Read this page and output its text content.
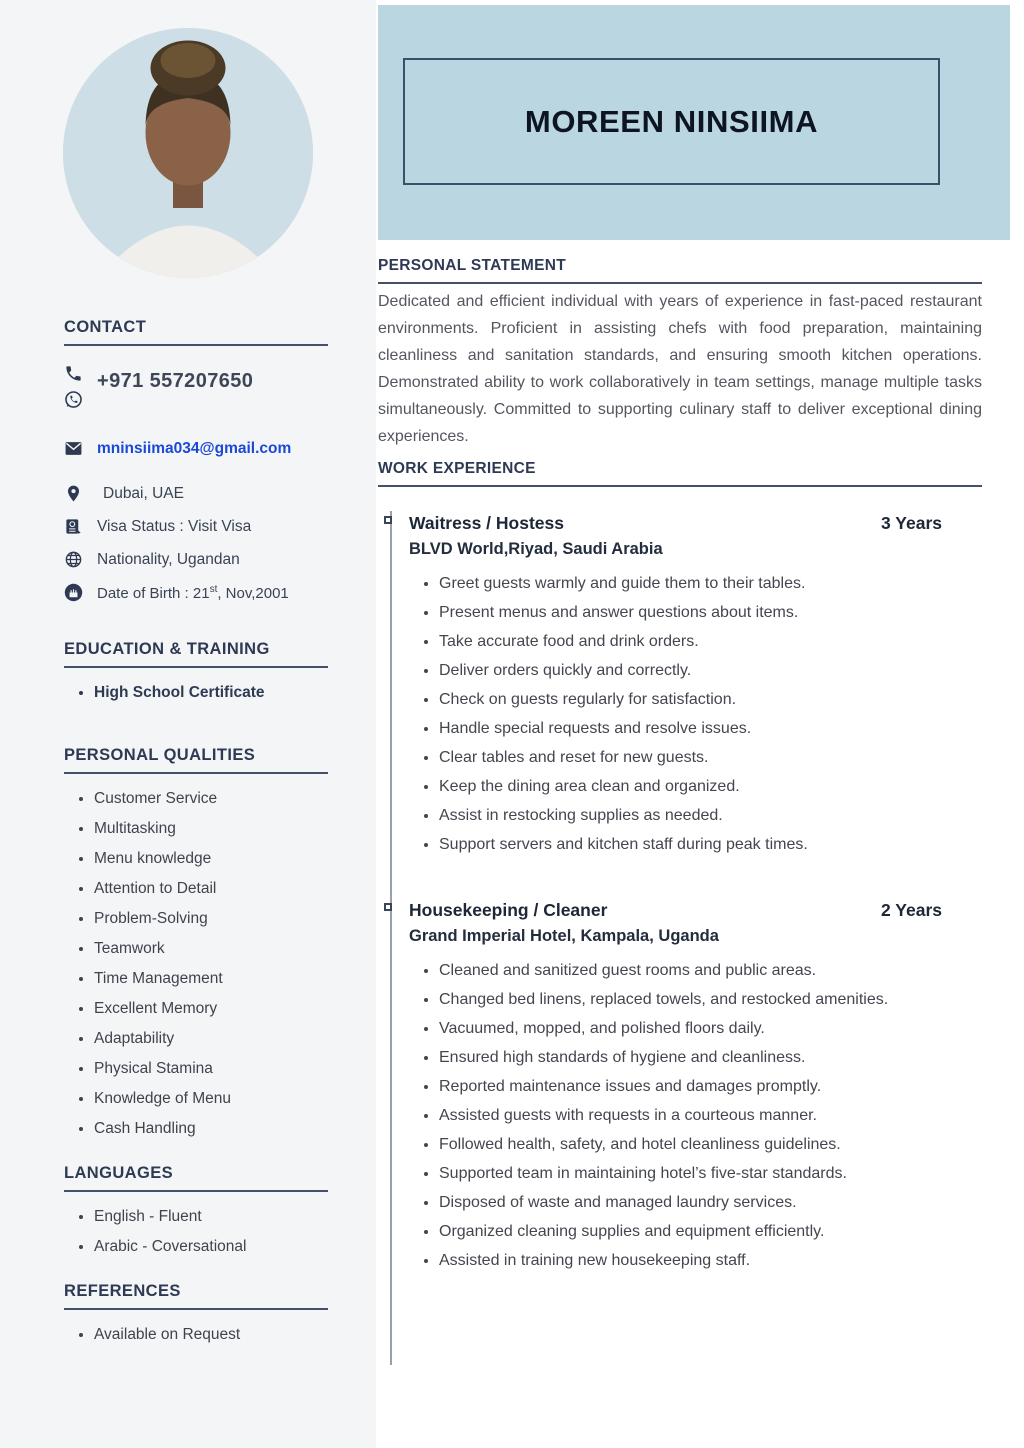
CONTACT
+971 557207650
mninsiima034@gmail.com
Dubai, UAE
Visa Status : Visit Visa
Nationality, Ugandan
Date of Birth : 21st, Nov,2001
EDUCATION & TRAINING
• High School Certificate
PERSONAL QUALITIES
• Customer Service
• Multitasking
• Menu knowledge
• Attention to Detail
• Problem-Solving
• Teamwork
• Time Management
• Excellent Memory
• Adaptability
• Physical Stamina
• Knowledge of Menu
• Cash Handling
LANGUAGES
• English - Fluent
• Arabic - Coversational
REFERENCES
• Available on Request
MOREEN NINSIIMA
PERSONAL STATEMENT

Dedicated and efficient individual with years of experience in fast-paced restaurant environments. Proficient in assisting chefs with food preparation, maintaining cleanliness and sanitation standards, and ensuring smooth kitchen operations. Demonstrated ability to work collaboratively in team settings, manage multiple tasks simultaneously. Committed to supporting culinary staff to deliver exceptional dining experiences.

WORK EXPERIENCE
Waitress / Hostess	3 Years
BLVD World,Riyad, Saudi Arabia
• Greet guests warmly and guide them to their tables.
• Present menus and answer questions about items.
• Take accurate food and drink orders.
• Deliver orders quickly and correctly.
• Check on guests regularly for satisfaction.
• Handle special requests and resolve issues.
• Clear tables and reset for new guests.
• Keep the dining area clean and organized.
• Assist in restocking supplies as needed.
• Support servers and kitchen staff during peak times.
Housekeeping / Cleaner	2 Years
Grand Imperial Hotel, Kampala, Uganda
• Cleaned and sanitized guest rooms and public areas.
• Changed bed linens, replaced towels, and restocked amenities.
• Vacuumed, mopped, and polished floors daily.
• Ensured high standards of hygiene and cleanliness.
• Reported maintenance issues and damages promptly.
• Assisted guests with requests in a courteous manner.
• Followed health, safety, and hotel cleanliness guidelines.
• Supported team in maintaining hotel’s five-star standards.
• Disposed of waste and managed laundry services.
• Organized cleaning supplies and equipment efficiently.
• Assisted in training new housekeeping staff.
